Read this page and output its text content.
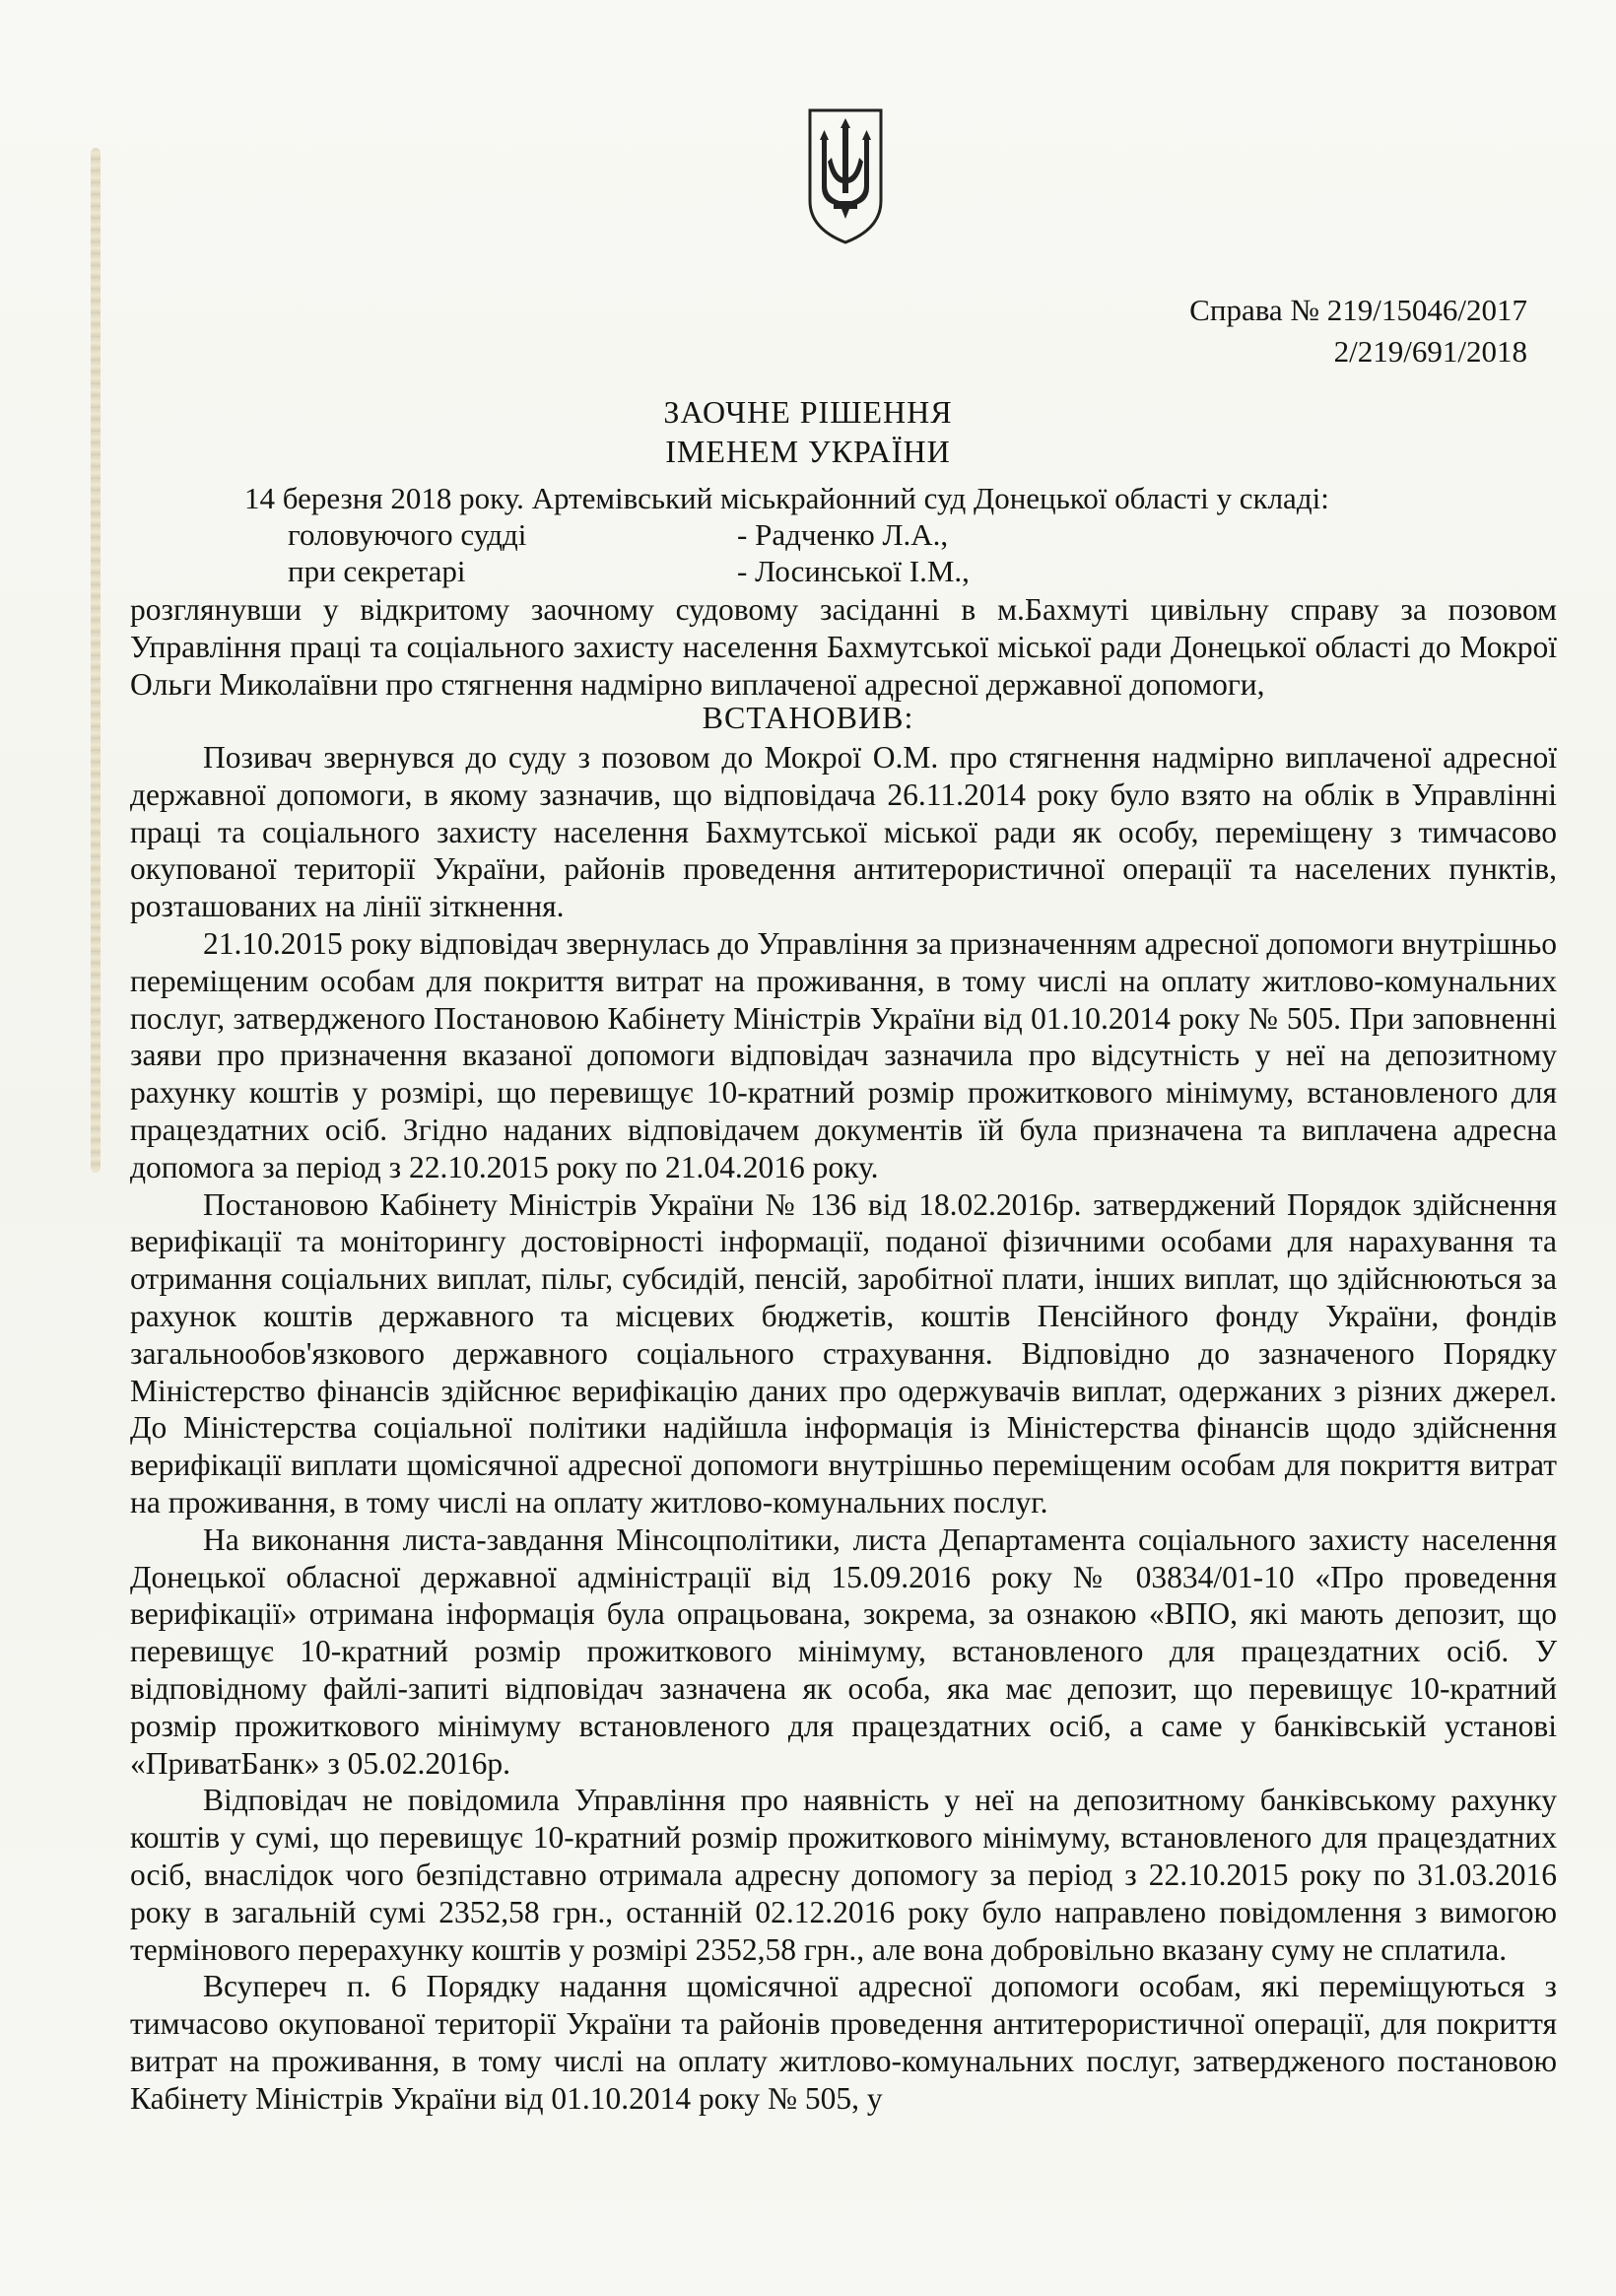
Справа № 219/15046/2017
2/219/691/2018
ЗАОЧНЕ РІШЕННЯ
ІМЕНЕМ УКРАЇНИ
14 березня 2018 року. Артемівський міськрайонний суд Донецької області у складі:
головуючого судді	- Радченко Л.А.,
при секретарі	- Лосинської І.М.,

розглянувши у відкритому заочному судовому засіданні в м.Бахмуті цивільну справу за позовом Управління праці та соціального захисту населення Бахмутської міської ради Донецької області до Мокрої Ольги Миколаївни про стягнення надмірно виплаченої адресної державної допомоги,

ВСТАНОВИВ:

Позивач звернувся до суду з позовом до Мокрої О.М. про стягнення надмірно виплаченої адресної державної допомоги, в якому зазначив, що відповідача 26.11.2014 року було взято на облік в Управлінні праці та соціального захисту населення Бахмутської міської ради як особу, переміщену з тимчасово окупованої території України, районів проведення антитерористичної операції та населених пунктів, розташованих на лінії зіткнення.

21.10.2015 року відповідач звернулась до Управління за призначенням адресної допомоги внутрішньо переміщеним особам для покриття витрат на проживання, в тому числі на оплату житлово-комунальних послуг, затвердженого Постановою Кабінету Міністрів України від 01.10.2014 року № 505. При заповненні заяви про призначення вказаної допомоги відповідач зазначила про відсутність у неї на депозитному рахунку коштів у розмірі, що перевищує 10-кратний розмір прожиткового мінімуму, встановленого для працездатних осіб. Згідно наданих відповідачем документів їй була призначена та виплачена адресна допомога за період з 22.10.2015 року по 21.04.2016 року.

Постановою Кабінету Міністрів України № 136 від 18.02.2016р. затверджений Порядок здійснення верифікації та моніторингу достовірності інформації, поданої фізичними особами для нарахування та отримання соціальних виплат, пільг, субсидій, пенсій, заробітної плати, інших виплат, що здійснюються за рахунок коштів державного та місцевих бюджетів, коштів Пенсійного фонду України, фондів загальнообов'язкового державного соціального страхування. Відповідно до зазначеного Порядку Міністерство фінансів здійснює верифікацію даних про одержувачів виплат, одержаних з різних джерел. До Міністерства соціальної політики надійшла інформація із Міністерства фінансів щодо здійснення верифікації виплати щомісячної адресної допомоги внутрішньо переміщеним особам для покриття витрат на проживання, в тому числі на оплату житлово-комунальних послуг.

На виконання листа-завдання Мінсоцполітики, листа Департамента соціального захисту населення Донецької обласної державної адміністрації від 15.09.2016 року № 03834/01-10 «Про проведення верифікації» отримана інформація була опрацьована, зокрема, за ознакою «ВПО, які мають депозит, що перевищує 10-кратний розмір прожиткового мінімуму, встановленого для працездатних осіб. У відповідному файлі-запиті відповідач зазначена як особа, яка має депозит, що перевищує 10-кратний розмір прожиткового мінімуму встановленого для працездатних осіб, а саме у банківській установі «ПриватБанк» з 05.02.2016р.

Відповідач не повідомила Управління про наявність у неї на депозитному банківському рахунку коштів у сумі, що перевищує 10-кратний розмір прожиткового мінімуму, встановленого для працездатних осіб, внаслідок чого безпідставно отримала адресну допомогу за період з 22.10.2015 року по 31.03.2016 року в загальній сумі 2352,58 грн., останній 02.12.2016 року було направлено повідомлення з вимогою термінового перерахунку коштів у розмірі 2352,58 грн., але вона добровільно вказану суму не сплатила.

Всупереч п. 6 Порядку надання щомісячної адресної допомоги особам, які переміщуються з тимчасово окупованої території України та районів проведення антитерористичної операції, для покриття витрат на проживання, в тому числі на оплату житлово-комунальних послуг, затвердженого постановою Кабінету Міністрів України від 01.10.2014 року № 505, у
